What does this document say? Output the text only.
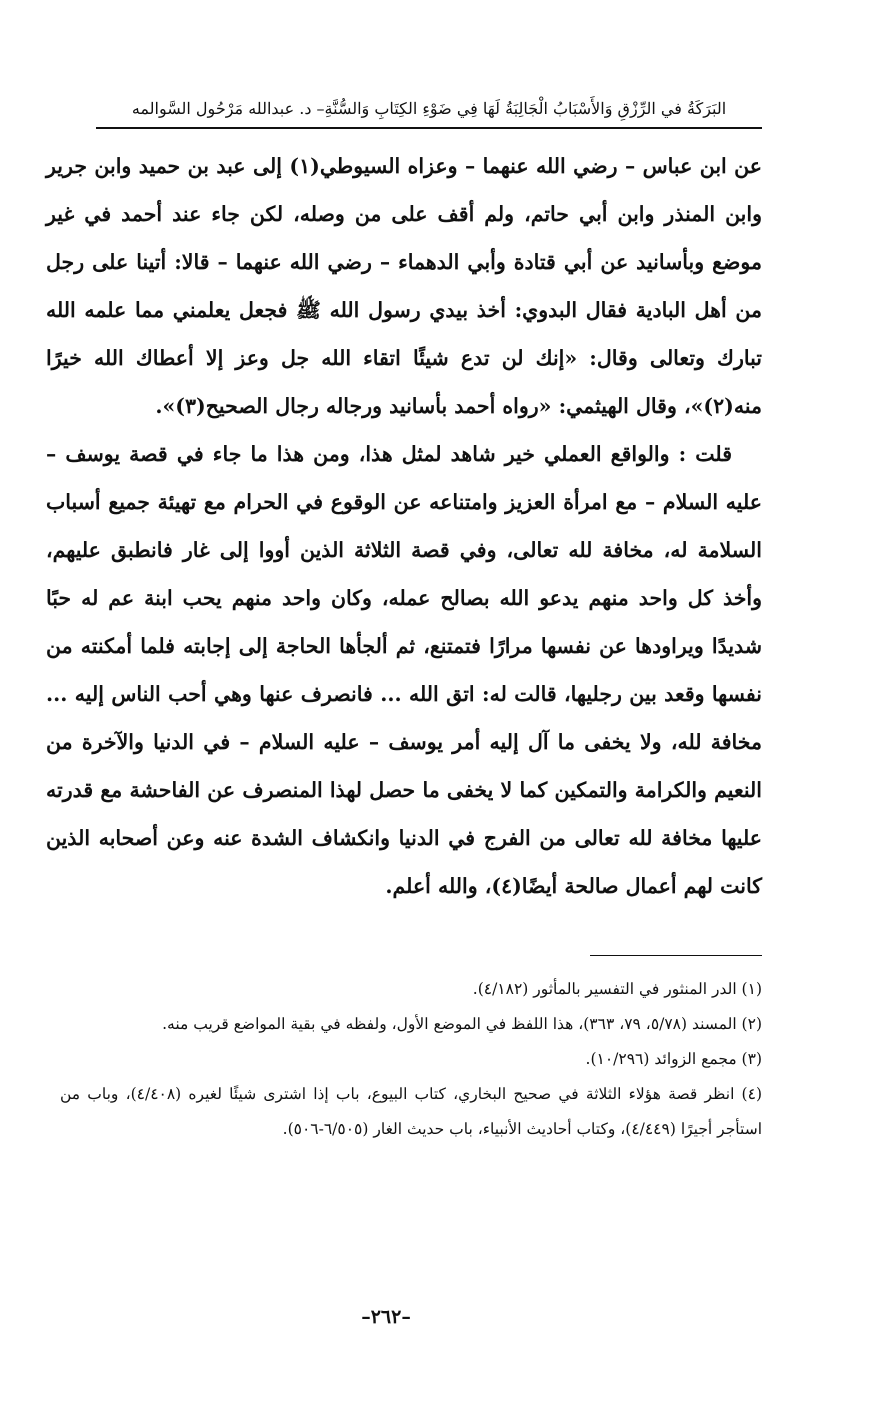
البَرَكَةُ في الرِّزْقِ وَالأَسْبَابُ الْجَالِبَةُ لَهَا فِي ضَوْءِ الكِتَابِ وَالسُّنَّةِ– د. عبدالله مَرْحُول السَّوالمه

عن ابن عباس – رضي الله عنهما – وعزاه السيوطي(١) إلى عبد بن حميد وابن جرير وابن المنذر وابن أبي حاتم، ولم أقف على من وصله، لكن جاء عند أحمد في غير موضع وبأسانيد عن أبي قتادة وأبي الدهماء – رضي الله عنهما – قالا: أتينا على رجل من أهل البادية فقال البدوي: أخذ بيدي رسول الله ﷺ فجعل يعلمني مما علمه الله تبارك وتعالى وقال: «إنك لن تدع شيئًا اتقاء الله جل وعز إلا أعطاك الله خيرًا منه(٢)»، وقال الهيثمي: «رواه أحمد بأسانيد ورجاله رجال الصحيح(٣)».

قلت : والواقع العملي خير شاهد لمثل هذا، ومن هذا ما جاء في قصة يوسف – عليه السلام – مع امرأة العزيز وامتناعه عن الوقوع في الحرام مع تهيئة جميع أسباب السلامة له، مخافة لله تعالى، وفي قصة الثلاثة الذين أووا إلى غار فانطبق عليهم، وأخذ كل واحد منهم يدعو الله بصالح عمله، وكان واحد منهم يحب ابنة عم له حبًا شديدًا ويراودها عن نفسها مرارًا فتمتنع، ثم ألجأها الحاجة إلى إجابته فلما أمكنته من نفسها وقعد بين رجليها، قالت له: اتق الله ... فانصرف عنها وهي أحب الناس إليه ... مخافة لله، ولا يخفى ما آل إليه أمر يوسف – عليه السلام – في الدنيا والآخرة من النعيم والكرامة والتمكين كما لا يخفى ما حصل لهذا المنصرف عن الفاحشة مع قدرته عليها مخافة لله تعالى من الفرج في الدنيا وانكشاف الشدة عنه وعن أصحابه الذين كانت لهم أعمال صالحة أيضًا(٤)، والله أعلم.

(١) الدر المنثور في التفسير بالمأثور (٤/١٨٢).

(٢) المسند (٥/٧٨، ٧٩، ٣٦٣)، هذا اللفظ في الموضع الأول، ولفظه في بقية المواضع قريب منه.

(٣) مجمع الزوائد (١٠/٢٩٦).

(٤) انظر قصة هؤلاء الثلاثة في صحيح البخاري، كتاب البيوع، باب إذا اشترى شيئًا لغيره (٤/٤٠٨)، وباب من استأجر أجيرًا (٤/٤٤٩)، وكتاب أحاديث الأنبياء، باب حديث الغار (٦/٥٠٥-٥٠٦).

–٢٦٢–
